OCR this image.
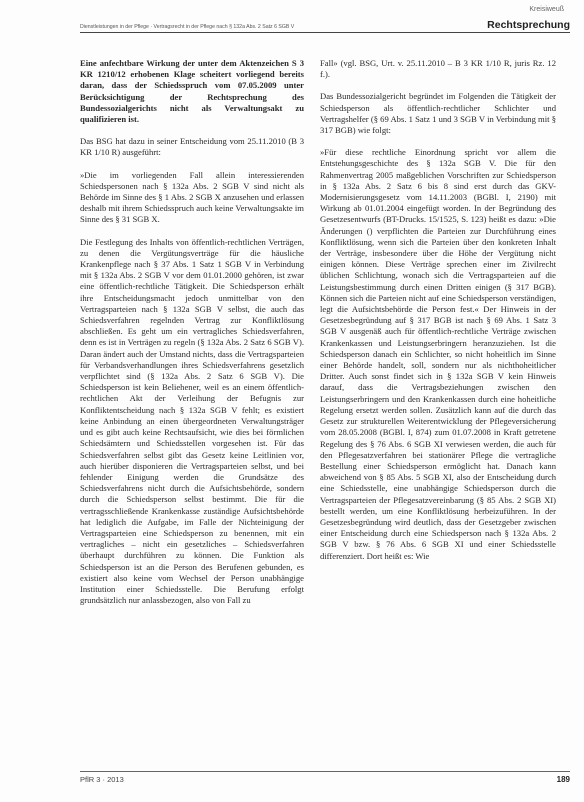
Kreisiweuß
Dienstleistungen in der Pflege · Vertragsrecht in der Pflege nach § 132a Abs. 2 Satz 6 SGB V	Rechtsprechung

Eine anfechtbare Wirkung der unter dem Aktenzeichen S 3 KR 1210/12 erhobenen Klage scheitert vorliegend bereits daran, dass der Schiedsspruch vom 07.05.2009 unter Berücksichtigung der Rechtsprechung des Bundessozialgerichts nicht als Verwaltungsakt zu qualifizieren ist.

Das BSG hat dazu in seiner Entscheidung vom 25.11.2010 (B 3 KR 1/10 R) ausgeführt:

»Die im vorliegenden Fall allein interessierenden Schiedspersonen nach § 132a Abs. 2 SGB V sind nicht als Behörde im Sinne des § 1 Abs. 2 SGB X anzusehen und erlassen deshalb mit ihrem Schiedsspruch auch keine Verwaltungsakte im Sinne des § 31 SGB X.

Die Festlegung des Inhalts von öffentlich-rechtlichen Verträgen, zu denen die Vergütungsverträge für die häusliche Krankenpflege nach § 37 Abs. 1 Satz 1 SGB V in Verbindung mit § 132a Abs. 2 SGB V vor dem 01.01.2000 gehören, ist zwar eine öffentlich-rechtliche Tätigkeit. Die Schiedsperson erhält ihre Entscheidungsmacht jedoch unmittelbar von den Vertragsparteien nach § 132a SGB V selbst, die auch das Schiedsverfahren regelnden Vertrag zur Konfliktlösung abschließen. Es geht um ein vertragliches Schiedsverfahren, denn es ist in Verträgen zu regeln (§ 132a Abs. 2 Satz 6 SGB V). Daran ändert auch der Umstand nichts, dass die Vertragsparteien für Verbandsverhandlungen ihres Schiedsverfahrens gesetzlich verpflichtet sind (§ 132a Abs. 2 Satz 6 SGB V). Die Schiedsperson ist kein Beliehener, weil es an einem öffentlich-rechtlichen Akt der Verleihung der Befugnis zur Konfliktentscheidung nach § 132a SGB V fehlt; es existiert keine Anbindung an einen übergeordneten Verwaltungsträger und es gibt auch keine Rechtsaufsicht, wie dies bei förmlichen Schiedsämtern und Schiedsstellen vorgesehen ist. Für das Schiedsverfahren selbst gibt das Gesetz keine Leitlinien vor, auch hierüber disponieren die Vertragsparteien selbst, und bei fehlender Einigung werden die Grundsätze des Schiedsverfahrens nicht durch die Aufsichtsbehörde, sondern durch die Schiedsperson selbst bestimmt. Die für die vertragsschließende Krankenkasse zuständige Aufsichtsbehörde hat lediglich die Aufgabe, im Falle der Nichteinigung der Vertragsparteien eine Schiedsperson zu benennen, mit ein vertragliches – nicht ein gesetzliches – Schiedsverfahren überhaupt durchführen zu können. Die Funktion als Schiedsperson ist an die Person des Berufenen gebunden, es existiert also keine vom Wechsel der Person unabhängige Institution einer Schiedsstelle. Die Berufung erfolgt grundsätzlich nur anlassbezogen, also von Fall zu

Fall» (vgl. BSG, Urt. v. 25.11.2010 – B 3 KR 1/10 R, juris Rz. 12 f.).

Das Bundessozialgericht begründet im Folgenden die Tätigkeit der Schiedsperson als öffentlich-rechtlicher Schlichter und Vertragshelfer (§ 69 Abs. 1 Satz 1 und 3 SGB V in Verbindung mit § 317 BGB) wie folgt:

»Für diese rechtliche Einordnung spricht vor allem die Entstehungsgeschichte des § 132a SGB V. Die für den Rahmenvertrag 2005 maßgeblichen Vorschriften zur Schiedsperson in § 132a Abs. 2 Satz 6 bis 8 sind erst durch das GKV-Modernisierungsgesetz vom 14.11.2003 (BGBl. I, 2190) mit Wirkung ab 01.01.2004 eingefügt worden. In der Begründung des Gesetzesentwurfs (BT-Drucks. 15/1525, S. 123) heißt es dazu: »Die Änderungen () verpflichten die Parteien zur Durchführung eines Konfliktlösung, wenn sich die Parteien über den konkreten Inhalt der Verträge, insbesondere über die Höhe der Vergütung nicht einigen können. Diese Verträge sprechen einer im Zivilrecht üblichen Schlichtung, wonach sich die Vertragsparteien auf die Leistungsbestimmung durch einen Dritten einigen (§ 317 BGB). Können sich die Parteien nicht auf eine Schiedsperson verständigen, legt die Aufsichtsbehörde die Person fest.« Der Hinweis in der Gesetzesbegründung auf § 317 BGB ist nach § 69 Abs. 1 Satz 3 SGB V ausgenäß auch für öffentlich-rechtliche Verträge zwischen Krankenkassen und Leistungserbringern heranzuziehen. Ist die Schiedsperson danach ein Schlichter, so nicht hoheitlich im Sinne einer Behörde handelt, soll, sondern nur als nichthoheitlicher Dritter. Auch sonst findet sich in § 132a SGB V kein Hinweis darauf, dass die Vertragsbeziehungen zwischen den Leistungserbringern und den Krankenkassen durch eine hoheitliche Regelung ersetzt werden sollen. Zusätzlich kann auf die durch das Gesetz zur strukturellen Weiterentwicklung der Pflegeversicherung vom 28.05.2008 (BGBl. I, 874) zum 01.07.2008 in Kraft getretene Regelung des § 76 Abs. 6 SGB XI verwiesen werden, die auch für den Pflegesatzverfahren bei stationärer Pflege die vertragliche Bestellung einer Schiedsperson ermöglicht hat. Danach kann abweichend von § 85 Abs. 5 SGB XI, also der Entscheidung durch eine Schiedsstelle, eine unabhängige Schiedsperson durch die Vertragsparteien der Pflegesatzvereinbarung (§ 85 Abs. 2 SGB XI) bestellt werden, um eine Konfliktlösung herbeizuführen. In der Gesetzesbegründung wird deutlich, dass der Gesetzgeber zwischen einer Entscheidung durch eine Schiedsperson nach § 132a Abs. 2 SGB V bzw. § 76 Abs. 6 SGB XI und einer Schiedsstelle differenziert. Dort heißt es: Wie

PflR 3 · 2013	189
